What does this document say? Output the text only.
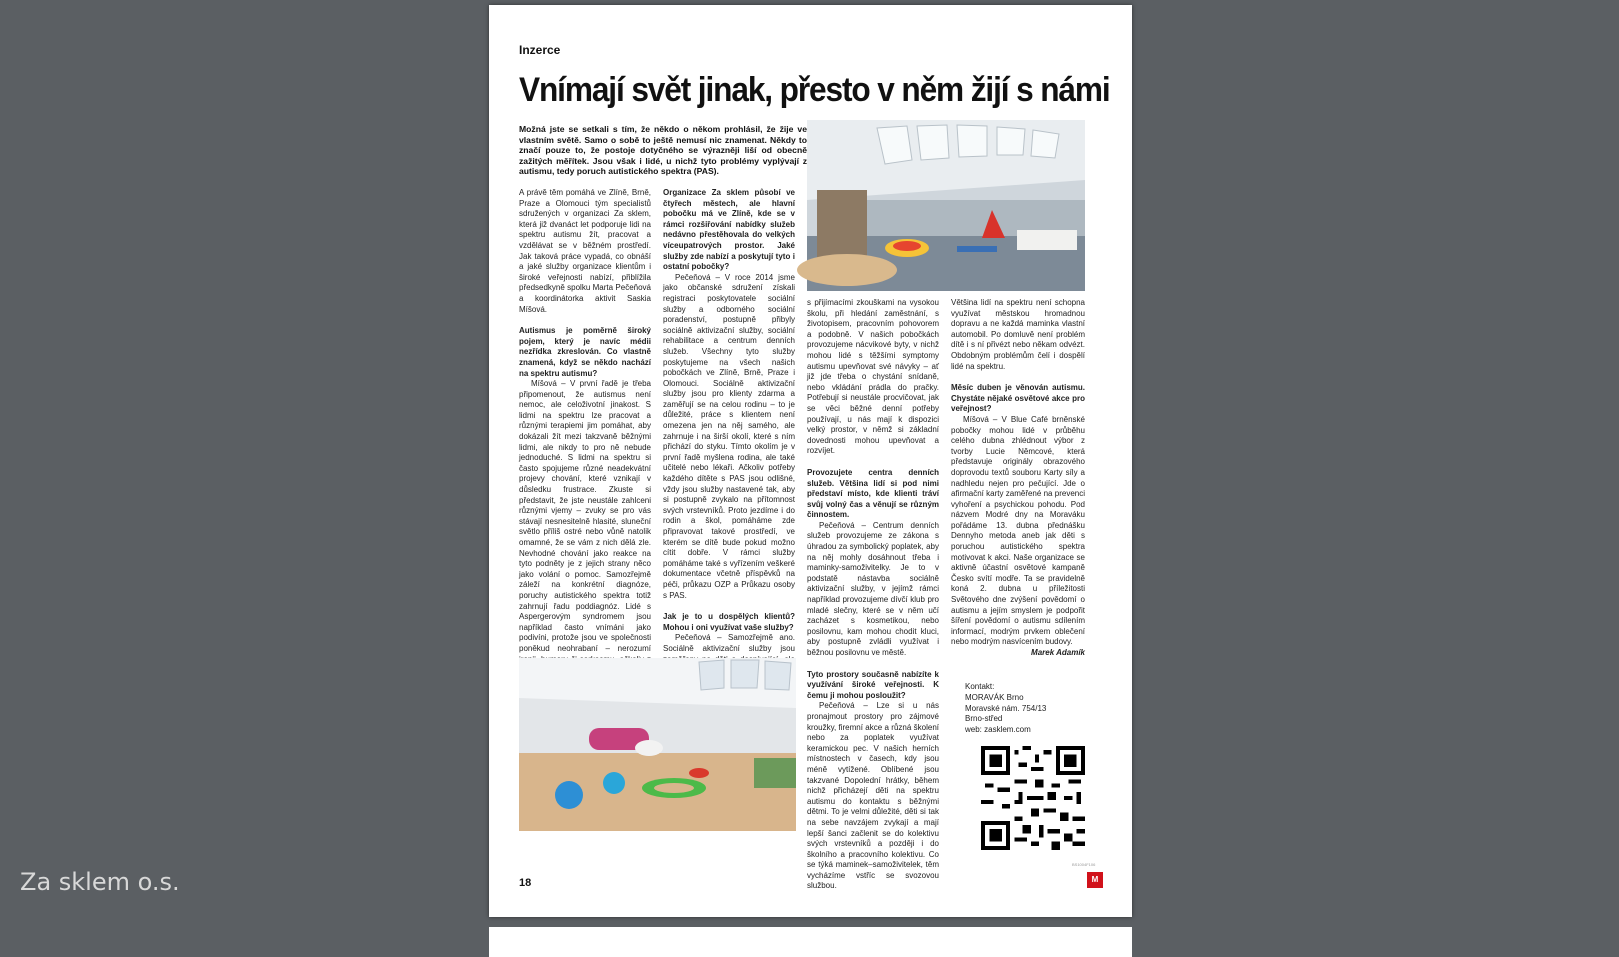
Inzerce
Vnímají svět jinak, přesto v něm žijí s námi
Možná jste se setkali s tím, že někdo o někom prohlásil, že žije ve vlastním světě. Samo o sobě to ještě nemusí nic znamenat. Někdy to značí pouze to, že postoje dotyčného se výrazněji liší od obecně zažitých měřítek. Jsou však i lidé, u nichž tyto problémy vyplývají z autismu, tedy poruch autistického spektra (PAS).

A právě těm pomáhá ve Zlíně, Brně, Praze a Olomouci tým specialistů sdružených v organizaci Za sklem, která již dvanáct let podporuje lidi na spektru autismu žít, pracovat a vzdělávat se v běžném prostředí. Jak taková práce vypadá, co obnáší a jaké služby organizace klientům i široké veřejnosti nabízí, přiblížila předsedkyně spolku Marta Pečeňová a koordinátorka aktivit Saskia Míšová.

Autismus je poměrně široký pojem, který je navíc médii nezřídka zkreslován. Co vlastně znamená, když se někdo nachází na spektru autismu?

Míšová – V první řadě je třeba připomenout, že autismus není nemoc, ale celoživotní jinakost. S lidmi na spektru lze pracovat a různými terapiemi jim pomáhat, aby dokázali žít mezi takzvaně běžnými lidmi, ale nikdy to pro ně nebude jednoduché. S lidmi na spektru si často spojujeme různé neadekvátní projevy chování, které vznikají v důsledku frustrace. Zkuste si představit, že jste neustále zahlceni různými vjemy – zvuky se pro vás stávají nesnesitelně hlasité, sluneční světlo příliš ostré nebo vůně natolik omamné, že se vám z nich dělá zle. Nevhodné chování jako reakce na tyto podněty je z jejich strany něco jako volání o pomoc. Samozřejmě záleží na konkrétní diagnóze, poruchy autistického spektra totiž zahrnují řadu poddiagnóz. Lidé s Aspergerovým syndromem jsou například často vnímáni jako podivíni, protože jsou ve společnosti poněkud neohrabaní – nerozumí

Organizace Za sklem působí ve čtyřech městech, ale hlavní pobočku má ve Zlíně, kde se v rámci rozšiřování nabídky služeb nedávno přestěhovala do velkých víceupatrových prostor. Jaké služby zde nabízí a poskytují tyto i ostatní pobočky?

Pečeňová – V roce 2014 jsme jako občanské sdružení získali registraci poskytovatele sociální služby a odborného sociální poradenství, postupně přibyly sociálně aktivizační služby, sociální rehabilitace a centrum denních služeb. Všechny tyto služby poskytujeme na všech našich pobočkách ve Zlíně, Brně, Praze i Olomouci. Sociálně aktivizační služby jsou pro klienty zdarma a zaměřují se na celou rodinu – to je důležité, práce s klientem není omezena jen na něj samého, ale zahrnuje i na širší okolí, které s ním přichází do styku. Tímto okolím je v první řadě myšlena rodina, ale také učitelé nebo lékaři. Ačkoliv potřeby každého dítěte s PAS jsou odlišné, vždy jsou služby nastavené tak, aby si postupně zvykalo na přítomnost svých vrstevníků. Proto jezdíme i do rodin a škol, pomáháme zde připravovat takové prostředí, ve kterém se dítě bude pokud možno cítit dobře. V rámci služby pomáháme také s vyřízením veškeré dokumentace včetně příspěvků na péči, průkazu OZP a Průkazu osoby s PAS.

Jak je to u dospělých klientů? Mohou i oni využívat vaše služby?

Pečeňová – Samozřejmě ano. Sociálně aktivizační služby jsou

s přijímacími zkouškami na vysokou školu, při hledání zaměstnání, s životopisem, pracovním pohovorem a podobně. V našich pobočkách provozujeme nácvikové byty, v nichž mohou lidé s těžšími symptomy autismu upevňovat své návyky – ať již jde třeba o chystání snídaně, nebo vkládání prádla do pračky. Potřebují si neustále procvičovat, jak se věci běžné denní potřeby používají, u nás mají k dispozici velký prostor, v němž si základní dovednosti mohou upevňovat a rozvíjet.

Provozujete centra denních služeb. Většina lidí si pod nimi představí místo, kde klienti tráví svůj volný čas a věnují se různým činnostem.

Pečeňová – Centrum denních služeb provozujeme ze zákona s úhradou za symbolický poplatek, aby na něj mohly dosáhnout třeba i maminky-samoživitelky. Je to v podstatě nástavba sociálně aktivizační služby, v jejímž rámci například provozujeme dívčí klub pro mladé slečny, které se v něm učí zacházet s kosmetikou, nebo posilovnu, kam mohou chodit kluci, aby postupně zvládli využívat i běžnou posilovnu ve městě.

Tyto prostory současně nabízíte k využívání široké veřejnosti. K čemu ji mohou posloužit?

Pečeňová – Lze si u nás pronajmout prostory pro zájmové kroužky, firemní akce a různá školení nebo za poplatek využívat keramickou pec. V našich herních místnostech v časech, kdy jsou méně vytížené. Oblíbené jsou takzvané Dopolední hrátky, během nichž přicházejí děti na spektru autismu do kontaktu s běžnými dětmi. To je velmi důležité, děti si tak na sebe navzájem zvykají a mají lepší šanci začlenit se do kolektivu svých vrstevníků a později i do školního a pracovního kolektivu. Co se týká maminek–samoživitelek, těm vycházíme vstříc se svozovou službou.

Většina lidí na spektru není schopna využívat městskou hromadnou dopravu a ne každá maminka vlastní automobil. Po domluvě není problém dítě i s ní přivézt nebo někam odvézt. Obdobným problémům čelí i dospělí lidé na spektru.

Měsíc duben je věnován autismu. Chystáte nějaké osvětové akce pro veřejnost?

Míšová – V Blue Café brněnské pobočky mohou lidé v průběhu celého dubna zhlédnout výbor z tvorby Lucie Němcové, která představuje originály obrazového doprovodu textů souboru Karty síly a nadhledu nejen pro pečující. Jde o afirmační karty zaměřené na prevenci vyhoření a psychickou pohodu. Pod názvem Modré dny na Moraváku pořádáme 13. dubna přednášku Dennyho metoda aneb jak děti s poruchou autistického spektra motivovat k akci. Naše organizace se aktivně účastní osvětové kampaně Česko svítí modře. Ta se pravidelně koná 2. dubna u příležitosti Světového dne zvýšení povědomí o autismu a jejím smyslem je podpořit šíření povědomí o autismu sdílením informací, modrým prvkem oblečení nebo modrým nasvícením budovy.

Marek Adamík

Kontakt:
MORAVÁK Brno
Moravské nám. 754/13
Brno-střed
web: zasklem.com
BS1004F106
18	M
Za sklem o.s.
